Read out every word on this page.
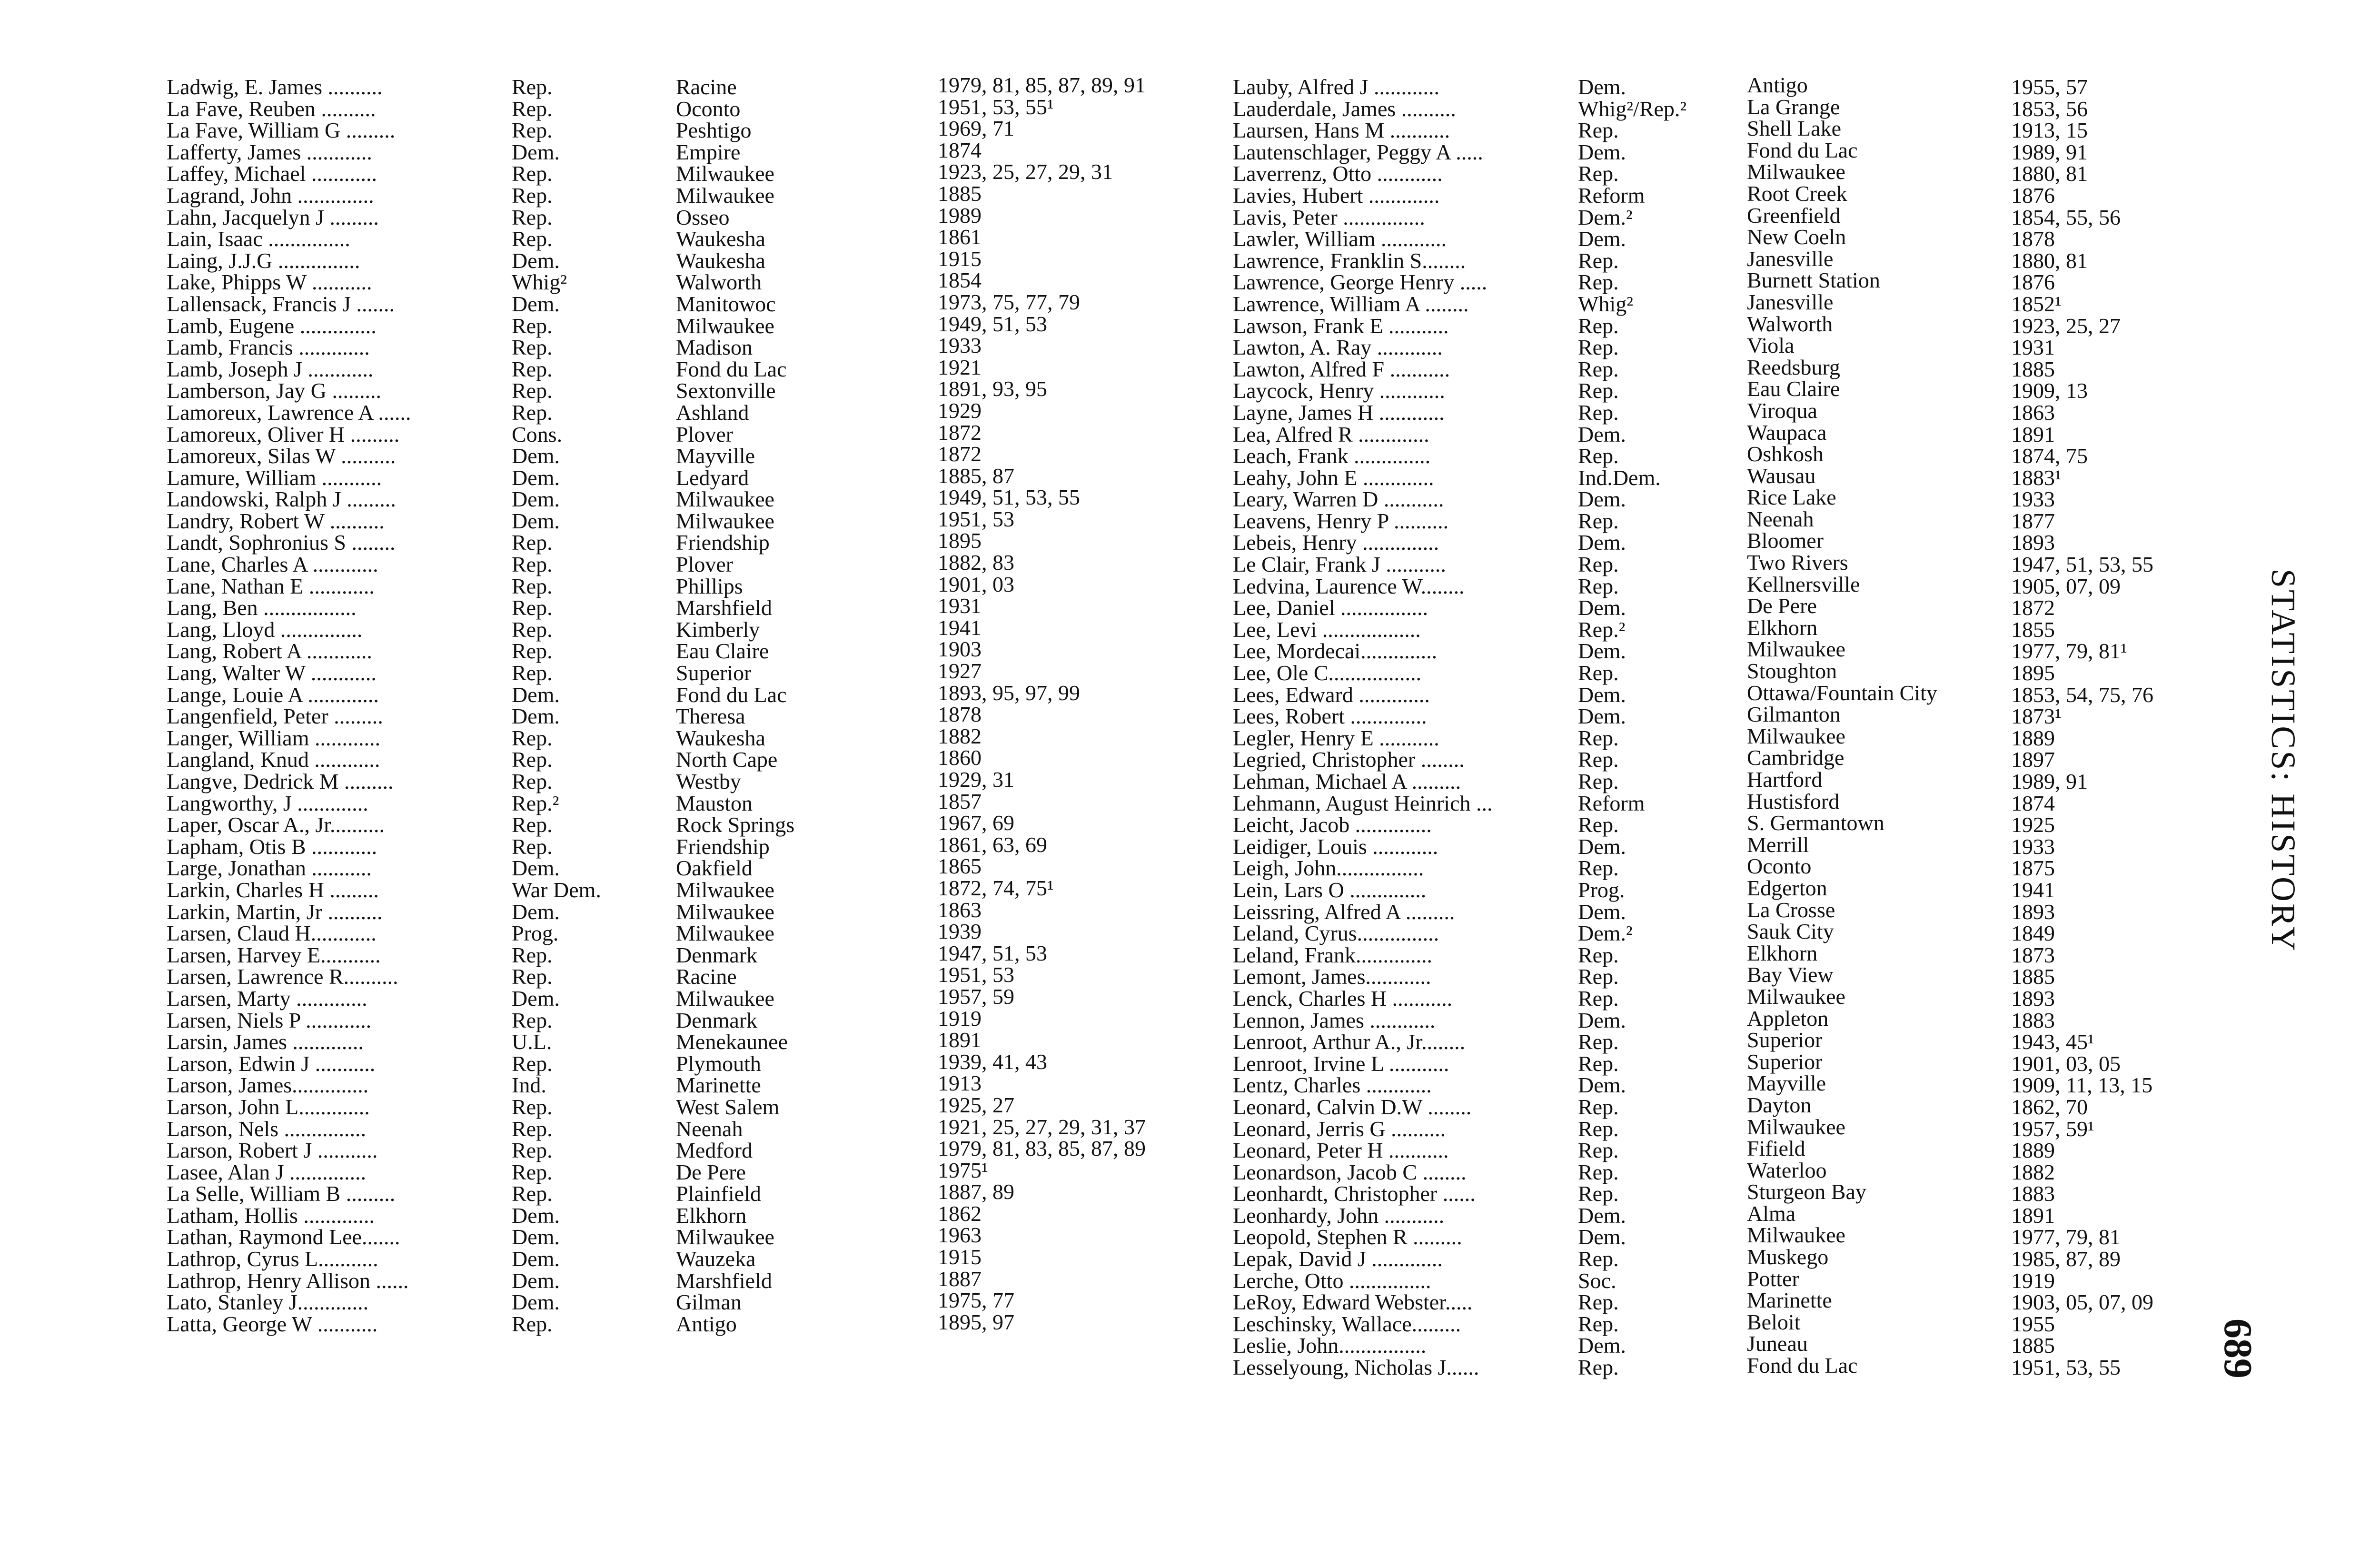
Ladwig, E. James ..........	Rep.	Racine	1979, 81, 85, 87, 89, 91
La Fave, Reuben ..........	Rep.	Oconto	1951, 53, 55¹
La Fave, William G .........	Rep.	Peshtigo	1969, 71
Lafferty, James ............	Dem.	Empire	1874
Laffey, Michael ............	Rep.	Milwaukee	1923, 25, 27, 29, 31
Lagrand, John ..............	Rep.	Milwaukee	1885
Lahn, Jacquelyn J .........	Rep.	Osseo	1989
Lain, Isaac ...............	Rep.	Waukesha	1861
Laing, J.J.G ...............	Dem.	Waukesha	1915
Lake, Phipps W ...........	Whig²	Walworth	1854
Lallensack, Francis J .......	Dem.	Manitowoc	1973, 75, 77, 79
Lamb, Eugene ..............	Rep.	Milwaukee	1949, 51, 53
Lamb, Francis .............	Rep.	Madison	1933
Lamb, Joseph J ............	Rep.	Fond du Lac	1921
Lamberson, Jay G .........	Rep.	Sextonville	1891, 93, 95
Lamoreux, Lawrence A ......	Rep.	Ashland	1929
Lamoreux, Oliver H .........	Cons.	Plover	1872
Lamoreux, Silas W ..........	Dem.	Mayville	1872
Lamure, William ...........	Dem.	Ledyard	1885, 87
Landowski, Ralph J .........	Dem.	Milwaukee	1949, 51, 53, 55
Landry, Robert W ..........	Dem.	Milwaukee	1951, 53
Landt, Sophronius S ........	Rep.	Friendship	1895
Lane, Charles A ............	Rep.	Plover	1882, 83
Lane, Nathan E ............	Rep.	Phillips	1901, 03
Lang, Ben .................	Rep.	Marshfield	1931
Lang, Lloyd ...............	Rep.	Kimberly	1941
Lang, Robert A ............	Rep.	Eau Claire	1903
Lang, Walter W ............	Rep.	Superior	1927
Lange, Louie A .............	Dem.	Fond du Lac	1893, 95, 97, 99
Langenfield, Peter .........	Dem.	Theresa	1878
Langer, William ............	Rep.	Waukesha	1882
Langland, Knud ............	Rep.	North Cape	1860
Langve, Dedrick M .........	Rep.	Westby	1929, 31
Langworthy, J .............	Rep.²	Mauston	1857
Laper, Oscar A., Jr..........	Rep.	Rock Springs	1967, 69
Lapham, Otis B ............	Rep.	Friendship	1861, 63, 69
Large, Jonathan ...........	Dem.	Oakfield	1865
Larkin, Charles H .........	War Dem.	Milwaukee	1872, 74, 75¹
Larkin, Martin, Jr ..........	Dem.	Milwaukee	1863
Larsen, Claud H............	Prog.	Milwaukee	1939
Larsen, Harvey E...........	Rep.	Denmark	1947, 51, 53
Larsen, Lawrence R..........	Rep.	Racine	1951, 53
Larsen, Marty .............	Dem.	Milwaukee	1957, 59
Larsen, Niels P ............	Rep.	Denmark	1919
Larsin, James .............	U.L.	Menekaunee	1891
Larson, Edwin J ...........	Rep.	Plymouth	1939, 41, 43
Larson, James..............	Ind.	Marinette	1913
Larson, John L.............	Rep.	West Salem	1925, 27
Larson, Nels ...............	Rep.	Neenah	1921, 25, 27, 29, 31, 37
Larson, Robert J ...........	Rep.	Medford	1979, 81, 83, 85, 87, 89
Lasee, Alan J ..............	Rep.	De Pere	1975¹
La Selle, William B .........	Rep.	Plainfield	1887, 89
Latham, Hollis .............	Dem.	Elkhorn	1862
Lathan, Raymond Lee.......	Dem.	Milwaukee	1963
Lathrop, Cyrus L...........	Dem.	Wauzeka	1915
Lathrop, Henry Allison ......	Dem.	Marshfield	1887
Lato, Stanley J.............	Dem.	Gilman	1975, 77
Latta, George W ...........	Rep.	Antigo	1895, 97
Lauby, Alfred J ............	Dem.	Antigo	1955, 57
Lauderdale, James ..........	Whig²/Rep.²	La Grange	1853, 56
Laursen, Hans M ...........	Rep.	Shell Lake	1913, 15
Lautenschlager, Peggy A .....	Dem.	Fond du Lac	1989, 91
Laverrenz, Otto ............	Rep.	Milwaukee	1880, 81
Lavies, Hubert .............	Reform	Root Creek	1876
Lavis, Peter ...............	Dem.²	Greenfield	1854, 55, 56
Lawler, William ............	Dem.	New Coeln	1878
Lawrence, Franklin S........	Rep.	Janesville	1880, 81
Lawrence, George Henry .....	Rep.	Burnett Station	1876
Lawrence, William A ........	Whig²	Janesville	1852¹
Lawson, Frank E ...........	Rep.	Walworth	1923, 25, 27
Lawton, A. Ray ............	Rep.	Viola	1931
Lawton, Alfred F ...........	Rep.	Reedsburg	1885
Laycock, Henry ............	Rep.	Eau Claire	1909, 13
Layne, James H ............	Rep.	Viroqua	1863
Lea, Alfred R .............	Dem.	Waupaca	1891
Leach, Frank ..............	Rep.	Oshkosh	1874, 75
Leahy, John E .............	Ind.Dem.	Wausau	1883¹
Leary, Warren D ...........	Dem.	Rice Lake	1933
Leavens, Henry P ..........	Rep.	Neenah	1877
Lebeis, Henry ..............	Dem.	Bloomer	1893
Le Clair, Frank J ...........	Rep.	Two Rivers	1947, 51, 53, 55
Ledvina, Laurence W........	Rep.	Kellnersville	1905, 07, 09
Lee, Daniel ................	Dem.	De Pere	1872
Lee, Levi ..................	Rep.²	Elkhorn	1855
Lee, Mordecai..............	Dem.	Milwaukee	1977, 79, 81¹
Lee, Ole C.................	Rep.	Stoughton	1895
Lees, Edward .............	Dem.	Ottawa/Fountain City	1853, 54, 75, 76
Lees, Robert ..............	Dem.	Gilmanton	1873¹
Legler, Henry E ...........	Rep.	Milwaukee	1889
Legried, Christopher ........	Rep.	Cambridge	1897
Lehman, Michael A .........	Rep.	Hartford	1989, 91
Lehmann, August Heinrich ...	Reform	Hustisford	1874
Leicht, Jacob ..............	Rep.	S. Germantown	1925
Leidiger, Louis ............	Dem.	Merrill	1933
Leigh, John................	Rep.	Oconto	1875
Lein, Lars O ..............	Prog.	Edgerton	1941
Leissring, Alfred A .........	Dem.	La Crosse	1893
Leland, Cyrus...............	Dem.²	Sauk City	1849
Leland, Frank..............	Rep.	Elkhorn	1873
Lemont, James............	Rep.	Bay View	1885
Lenck, Charles H ...........	Rep.	Milwaukee	1893
Lennon, James ............	Dem.	Appleton	1883
Lenroot, Arthur A., Jr........	Rep.	Superior	1943, 45¹
Lenroot, Irvine L ...........	Rep.	Superior	1901, 03, 05
Lentz, Charles ............	Dem.	Mayville	1909, 11, 13, 15
Leonard, Calvin D.W ........	Rep.	Dayton	1862, 70
Leonard, Jerris G ..........	Rep.	Milwaukee	1957, 59¹
Leonard, Peter H ...........	Rep.	Fifield	1889
Leonardson, Jacob C ........	Rep.	Waterloo	1882
Leonhardt, Christopher ......	Rep.	Sturgeon Bay	1883
Leonhardy, John ...........	Dem.	Alma	1891
Leopold, Stephen R .........	Dem.	Milwaukee	1977, 79, 81
Lepak, David J .............	Rep.	Muskego	1985, 87, 89
Lerche, Otto ...............	Soc.	Potter	1919
LeRoy, Edward Webster.....	Rep.	Marinette	1903, 05, 07, 09
Leschinsky, Wallace.........	Rep.	Beloit	1955
Leslie, John................	Dem.	Juneau	1885
Lesselyoung, Nicholas J......	Rep.	Fond du Lac	1951, 53, 55
STATISTICS: HISTORY
689
